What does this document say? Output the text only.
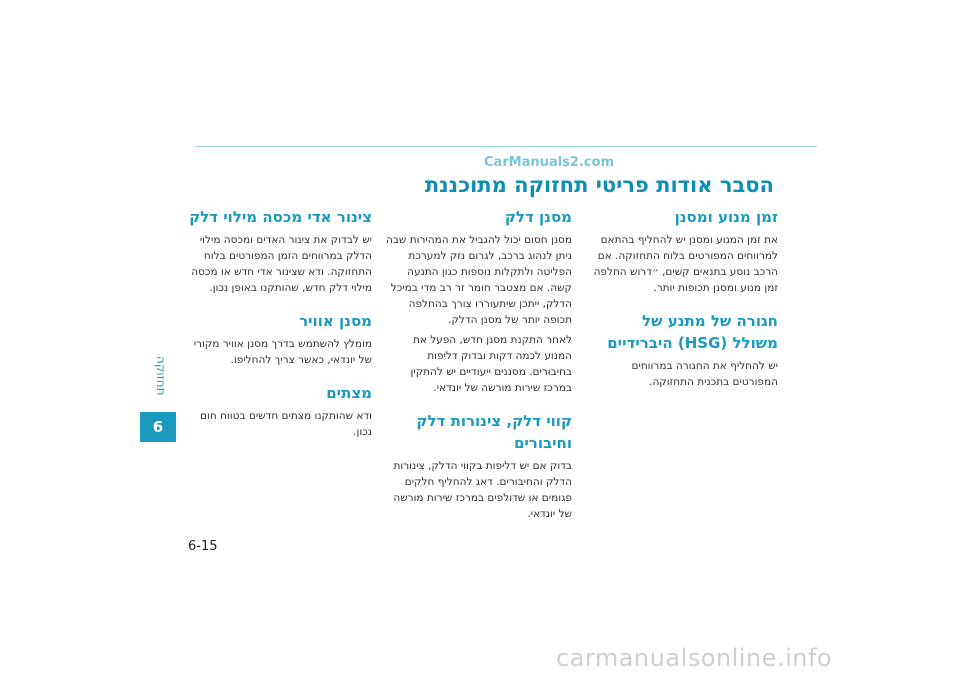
CarManuals2.com
הסבר אודות פריטי תחזוקה מתוכננת
תחזוקה
6
זמן מנוע ומסנן

את זמן המנוע ומסנן יש להחליף בהתאם למרווחים המפורטים בלוח התחזוקה. אם הרכב נוסע בתנאים קשים, ״דרוש החלפה זמן מנוע ומסנן תכופות יותר.

חגורה של מתנע של משולל (HSG) היברידיים

יש להחליף את החגורה במרווחים המפורטים בתכנית התחזוקה.

מסנן דלק

מסנן חסום יכול להגביל את המהירות שבה ניתן לנהוג ברכב, לגרום נזק למערכת הפליטה ולתקלות נוספות כגון התנעה קשה. אם מצטבר חומר זר רב מדי במיכל הדלק, ייתכן שיתעוררו צורך בהחלפה תכופה יותר של מסנן הדלק.

לאחר התקנת מסנן חדש, הפעל את המנוע לכמה דקות ובדוק דליפות בחיבורים. מסננים ייעודיים יש להתקין במרכז שירות מורשה של יונדאי.

קווי דלק, צינורות דלק וחיבורים

בדוק אם יש דליפות בקווי הדלק, צינורות הדלק והחיבורים. דאג להחליף חלקים פגומים או שדולפים במרכז שירות מורשה של יונדאי.

צינור אדי מכסה מילוי דלק

יש לבדוק את צינור האדים ומכסה מילוי הדלק במרווחים הזמן המפורטים בלוח התחזוקה. ודא שצינור אדי חדש או מכסה מילוי דלק חדש, שהותקנו באופן נכון.

מסנן אוויר

מומלץ להשתמש בדרך מסנן אוויר מקורי של יונדאי, כאשר צריך להחליפו.

מצתים

ודא שהותקנו מצתים חדשים בטווח חום נכון.

6-15
carmanualsonline.info
